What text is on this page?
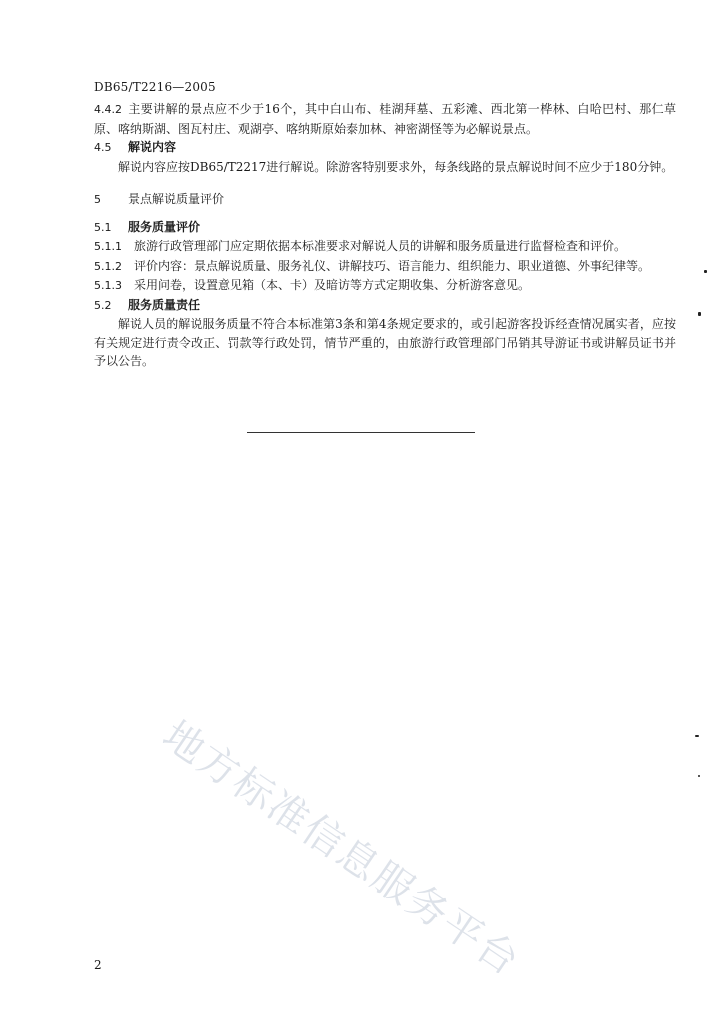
DB65/T2216—2005

4.4.2 主要讲解的景点应不少于16个，其中白山布、桂湖拜墓、五彩滩、西北第一桦林、白哈巴村、那仁草原、喀纳斯湖、图瓦村庄、观湖亭、喀纳斯原始泰加林、神密湖怪等为必解说景点。

4.5 解说内容

解说内容应按DB65/T2217进行解说。除游客特别要求外，每条线路的景点解说时间不应少于180分钟。

5 景点解说质量评价

5.1 服务质量评价

5.1.1 旅游行政管理部门应定期依据本标准要求对解说人员的讲解和服务质量进行监督检查和评价。

5.1.2 评价内容：景点解说质量、服务礼仪、讲解技巧、语言能力、组织能力、职业道德、外事纪律等。

5.1.3 采用问卷，设置意见箱（本、卡）及暗访等方式定期收集、分析游客意见。

5.2 服务质量责任

解说人员的解说服务质量不符合本标准第3条和第4条规定要求的，或引起游客投诉经查情况属实者，应按有关规定进行责令改正、罚款等行政处罚，情节严重的，由旅游行政管理部门吊销其导游证书或讲解员证书并予以公告。

地方标准信息服务平台
2
